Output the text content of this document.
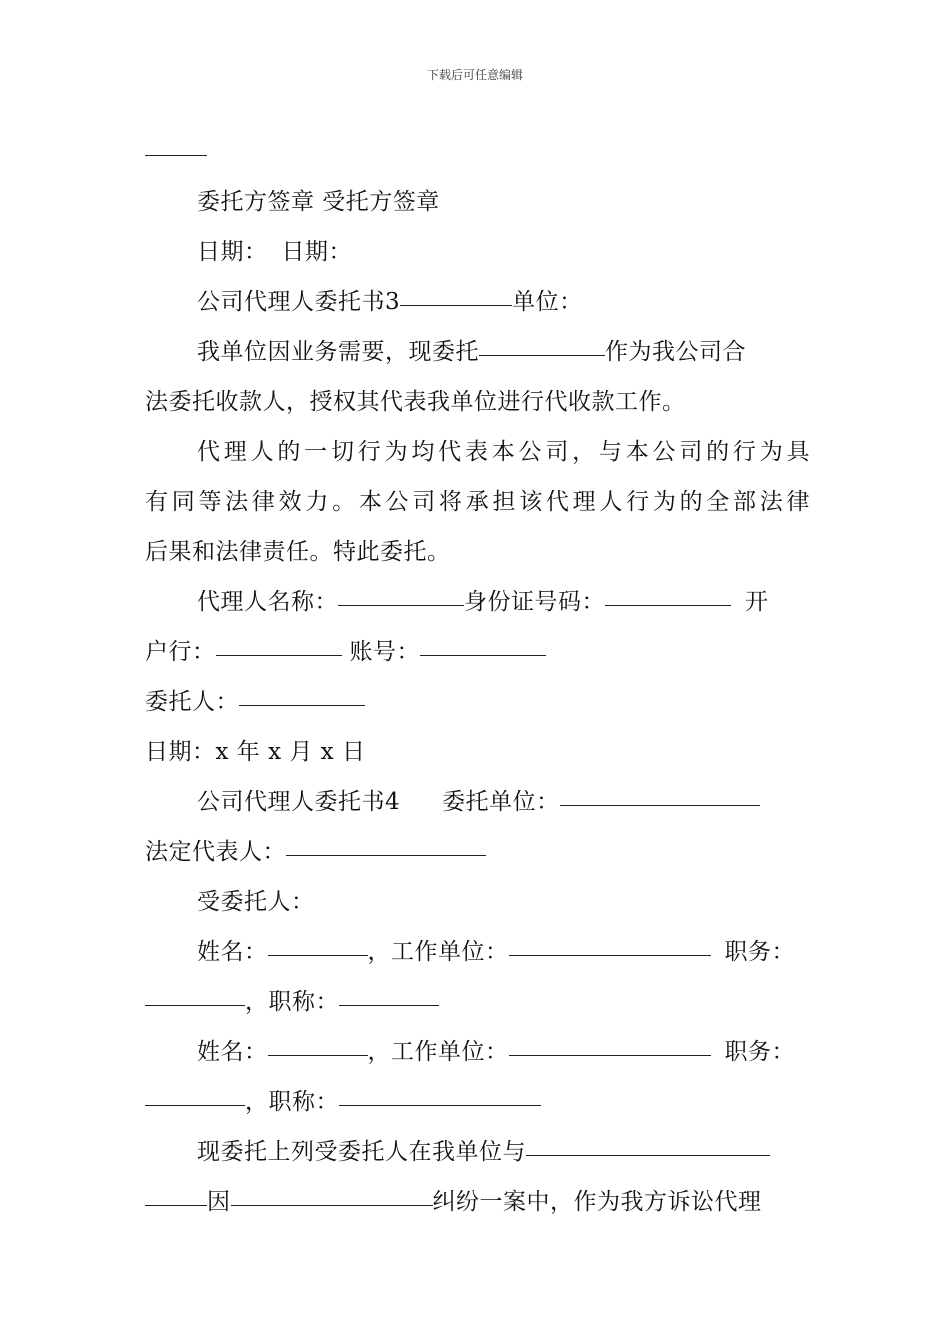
下载后可任意编辑
委托方签章 受托方签章
日期： 日期：
公司代理人委托书3	单位：
我单位因业务需要，现委托	作为我公司合
法委托收款人，授权其代表我单位进行代收款工作。
代理人的一切行为均代表本公司，与本公司的行为具
有同等法律效力。本公司将承担该代理人行为的全部法律
后果和法律责任。特此委托。
代理人名称：	身份证号码：	开
户行：	账号：
委托人：
日期：x 年 x 月 x 日
公司代理人委托书4 委托单位：
法定代表人：
受委托人：
姓名：	，工作单位：	职务：
，职称：
姓名：	，工作单位：	职务：
，职称：
现委托上列受委托人在我单位与
因	纠纷一案中，作为我方诉讼代理
